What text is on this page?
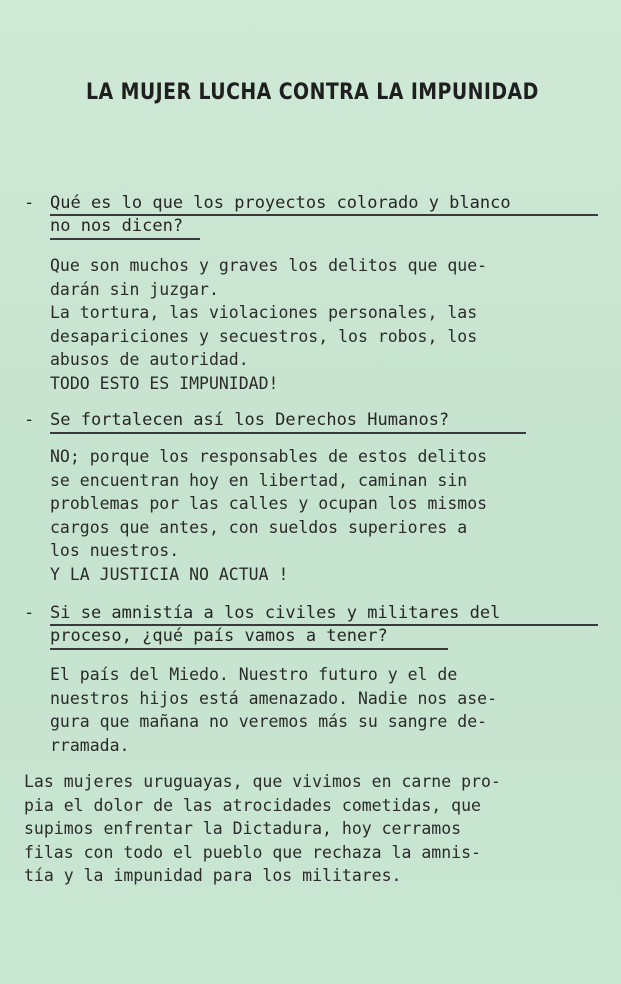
LA MUJER LUCHA CONTRA LA IMPUNIDAD
- Qué es lo que los proyectos colorado y blanco
no nos dicen?
Que son muchos y graves los delitos que que-
darán sin juzgar.
La tortura, las violaciones personales, las
desapariciones y secuestros, los robos, los
abusos de autoridad.
TODO ESTO ES IMPUNIDAD!
- Se fortalecen así los Derechos Humanos?
NO; porque los responsables de estos delitos
se encuentran hoy en libertad, caminan sin
problemas por las calles y ocupan los mismos
cargos que antes, con sueldos superiores a
los nuestros.
Y LA JUSTICIA NO ACTUA !
- Si se amnistía a los civiles y militares del
proceso, ¿qué país vamos a tener?
El país del Miedo. Nuestro futuro y el de
nuestros hijos está amenazado. Nadie nos ase-
gura que mañana no veremos más su sangre de-
rramada.
Las mujeres uruguayas, que vivimos en carne pro-
pia el dolor de las atrocidades cometidas, que
supimos enfrentar la Dictadura, hoy cerramos
filas con todo el pueblo que rechaza la amnis-
tía y la impunidad para los militares.
